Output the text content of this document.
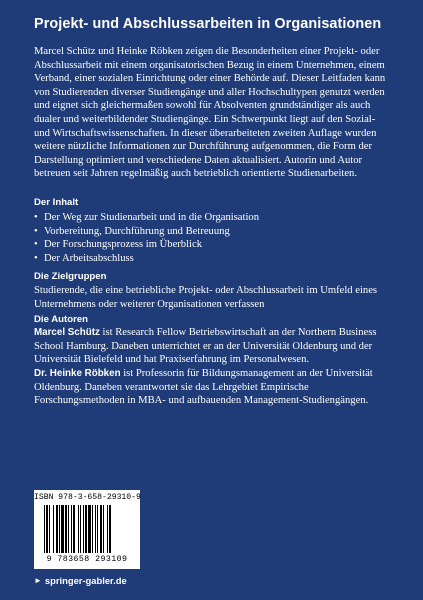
Projekt- und Abschlussarbeiten in Organisationen

Marcel Schütz und Heinke Röbken zeigen die Besonderheiten einer Projekt- oder Abschlussarbeit mit einem organisatorischen Bezug in einem Unternehmen, einem Verband, einer sozialen Einrichtung oder einer Behörde auf. Dieser Leitfaden kann von Studierenden diverser Studiengänge und aller Hochschultypen genutzt werden und eignet sich gleichermaßen sowohl für Absolventen grundständiger als auch dualer und weiterbildender Studiengänge. Ein Schwerpunkt liegt auf den Sozial- und Wirtschaftswissenschaften. In dieser überarbeiteten zweiten Auflage wurden weitere nützliche Informationen zur Durchführung aufgenommen, die Form der Darstellung optimiert und verschiedene Daten aktualisiert. Autorin und Autor betreuen seit Jahren regelmäßig auch betrieblich orientierte Studienarbeiten.

Der Inhalt
• Der Weg zur Studienarbeit und in die Organisation
• Vorbereitung, Durchführung und Betreuung
• Der Forschungsprozess im Überblick
• Der Arbeitsabschluss
Die Zielgruppen

Studierende, die eine betriebliche Projekt- oder Abschlussarbeit im Umfeld eines Unternehmens oder weiterer Organisationen verfassen

Die Autoren

Marcel Schütz ist Research Fellow Betriebswirtschaft an der Northern Business School Hamburg. Daneben unterrichtet er an der Universität Oldenburg und der Universität Bielefeld und hat Praxiserfahrung im Personalwesen.

Dr. Heinke Röbken ist Professorin für Bildungsmanagement an der Universität Oldenburg. Daneben verantwortet sie das Lehrgebiet Empirische Forschungsmethoden in MBA- und aufbauenden Management-Studiengängen.

ISBN 978-3-658-29310-9
9 783658 293109
► springer-gabler.de
